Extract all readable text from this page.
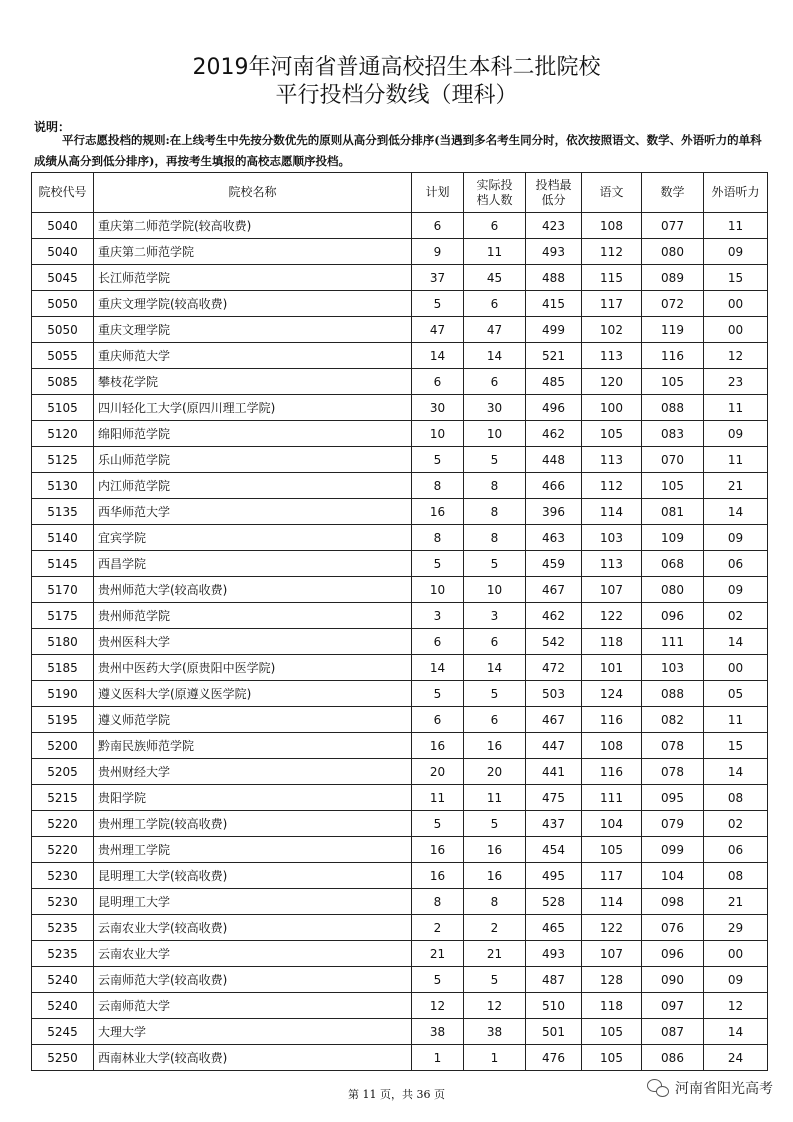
2019年河南省普通高校招生本科二批院校
平行投档分数线（理科）
说明：
平行志愿投档的规则:在上线考生中先按分数优先的原则从高分到低分排序(当遇到多名考生同分时，依次按照语文、数学、外语听力的单科成绩从高分到低分排序)，再按考生填报的高校志愿顺序投档。
院校代号	院校名称	计划	实际投档人数	投档最低分	语文	数学	外语听力
5040	重庆第二师范学院(较高收费)	6	6	423	108	077	11
5040	重庆第二师范学院	9	11	493	112	080	09
5045	长江师范学院	37	45	488	115	089	15
5050	重庆文理学院(较高收费)	5	6	415	117	072	00
5050	重庆文理学院	47	47	499	102	119	00
5055	重庆师范大学	14	14	521	113	116	12
5085	攀枝花学院	6	6	485	120	105	23
5105	四川轻化工大学(原四川理工学院)	30	30	496	100	088	11
5120	绵阳师范学院	10	10	462	105	083	09
5125	乐山师范学院	5	5	448	113	070	11
5130	内江师范学院	8	8	466	112	105	21
5135	西华师范大学	16	8	396	114	081	14
5140	宜宾学院	8	8	463	103	109	09
5145	西昌学院	5	5	459	113	068	06
5170	贵州师范大学(较高收费)	10	10	467	107	080	09
5175	贵州师范学院	3	3	462	122	096	02
5180	贵州医科大学	6	6	542	118	111	14
5185	贵州中医药大学(原贵阳中医学院)	14	14	472	101	103	00
5190	遵义医科大学(原遵义医学院)	5	5	503	124	088	05
5195	遵义师范学院	6	6	467	116	082	11
5200	黔南民族师范学院	16	16	447	108	078	15
5205	贵州财经大学	20	20	441	116	078	14
5215	贵阳学院	11	11	475	111	095	08
5220	贵州理工学院(较高收费)	5	5	437	104	079	02
5220	贵州理工学院	16	16	454	105	099	06
5230	昆明理工大学(较高收费)	16	16	495	117	104	08
5230	昆明理工大学	8	8	528	114	098	21
5235	云南农业大学(较高收费)	2	2	465	122	076	29
5235	云南农业大学	21	21	493	107	096	00
5240	云南师范大学(较高收费)	5	5	487	128	090	09
5240	云南师范大学	12	12	510	118	097	12
5245	大理大学	38	38	501	105	087	14
5250	西南林业大学(较高收费)	1	1	476	105	086	24
第 11 页，共 36 页	河南省阳光高考
